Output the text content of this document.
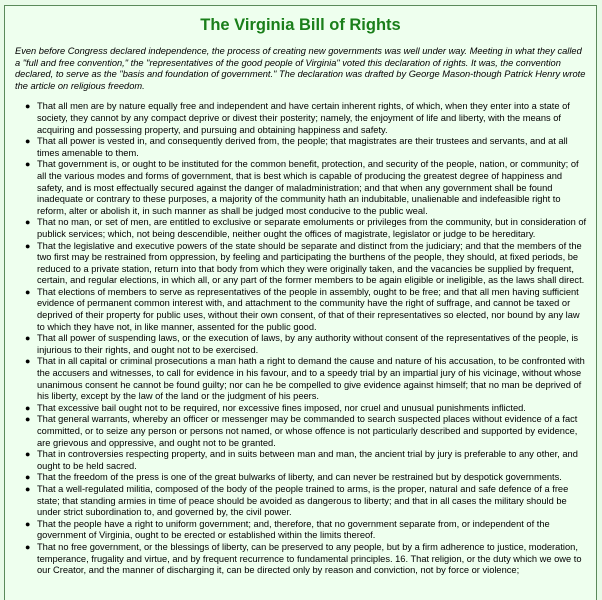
The Virginia Bill of Rights

Even before Congress declared independence, the process of creating new governments was well under way. Meeting in what they called a "full and free convention," the "representatives of the good people of Virginia" voted this declaration of rights. It was, the convention declared, to serve as the "basis and foundation of government." The declaration was drafted by George Mason-though Patrick Henry wrote the article on religious freedom.

● That all men are by nature equally free and independent and have certain inherent rights, of which, when they enter into a state of society, they cannot by any compact deprive or divest their posterity; namely, the enjoyment of life and liberty, with the means of acquiring and possessing property, and pursuing and obtaining happiness and safety.
● That all power is vested in, and consequently derived from, the people; that magistrates are their trustees and servants, and at all times amenable to them.
● That government is, or ought to be instituted for the common benefit, protection, and security of the people, nation, or community; of all the various modes and forms of government, that is best which is capable of producing the greatest degree of happiness and safety, and is most effectually secured against the danger of maladministration; and that when any government shall be found inadequate or contrary to these purposes, a majority of the community hath an indubitable, unalienable and indefeasible right to reform, alter or abolish it, in such manner as shall be judged most conducive to the public weal.
● That no man, or set of men, are entitled to exclusive or separate emoluments or privileges from the community, but in consideration of publick services; which, not being descendible, neither ought the offices of magistrate, legislator or judge to be hereditary.
● That the legislative and executive powers of the state should be separate and distinct from the judiciary; and that the members of the two first may be restrained from oppression, by feeling and participating the burthens of the people, they should, at fixed periods, be reduced to a private station, return into that body from which they were originally taken, and the vacancies be supplied by frequent, certain, and regular elections, in which all, or any part of the former members to be again eligible or ineligible, as the laws shall direct.
● That elections of members to serve as representatives of the people in assembly, ought to be free; and that all men having sufficient evidence of permanent common interest with, and attachment to the community have the right of suffrage, and cannot be taxed or deprived of their property for public uses, without their own consent, of that of their representatives so elected, nor bound by any law to which they have not, in like manner, assented for the public good.
● That all power of suspending laws, or the execution of laws, by any authority without consent of the representatives of the people, is injurious to their rights, and ought not to be exercised.
● That in all capital or criminal prosecutions a man hath a right to demand the cause and nature of his accusation, to be confronted with the accusers and witnesses, to call for evidence in his favour, and to a speedy trial by an impartial jury of his vicinage, without whose unanimous consent he cannot be found guilty; nor can he be compelled to give evidence against himself; that no man be deprived of his liberty, except by the law of the land or the judgment of his peers.
● That excessive bail ought not to be required, nor excessive fines imposed, nor cruel and unusual punishments inflicted.
● That general warrants, whereby an officer or messenger may be commanded to search suspected places without evidence of a fact committed, or to seize any person or persons not named, or whose offence is not particularly described and supported by evidence, are grievous and oppressive, and ought not to be granted.
● That in controversies respecting property, and in suits between man and man, the ancient trial by jury is preferable to any other, and ought to be held sacred.
● That the freedom of the press is one of the great bulwarks of liberty, and can never be restrained but by despotick governments.
● That a well-regulated militia, composed of the body of the people trained to arms, is the proper, natural and safe defence of a free state; that standing armies in time of peace should be avoided as dangerous to liberty; and that in all cases the military should be under strict subordination to, and governed by, the civil power.
● That the people have a right to uniform government; and, therefore, that no government separate from, or independent of the government of Virginia, ought to be erected or established within the limits thereof.
● That no free government, or the blessings of liberty, can be preserved to any people, but by a firm adherence to justice, moderation, temperance, frugality and virtue, and by frequent recurrence to fundamental principles. 16. That religion, or the duty which we owe to our Creator, and the manner of discharging it, can be directed only by reason and conviction, not by force or violence;
